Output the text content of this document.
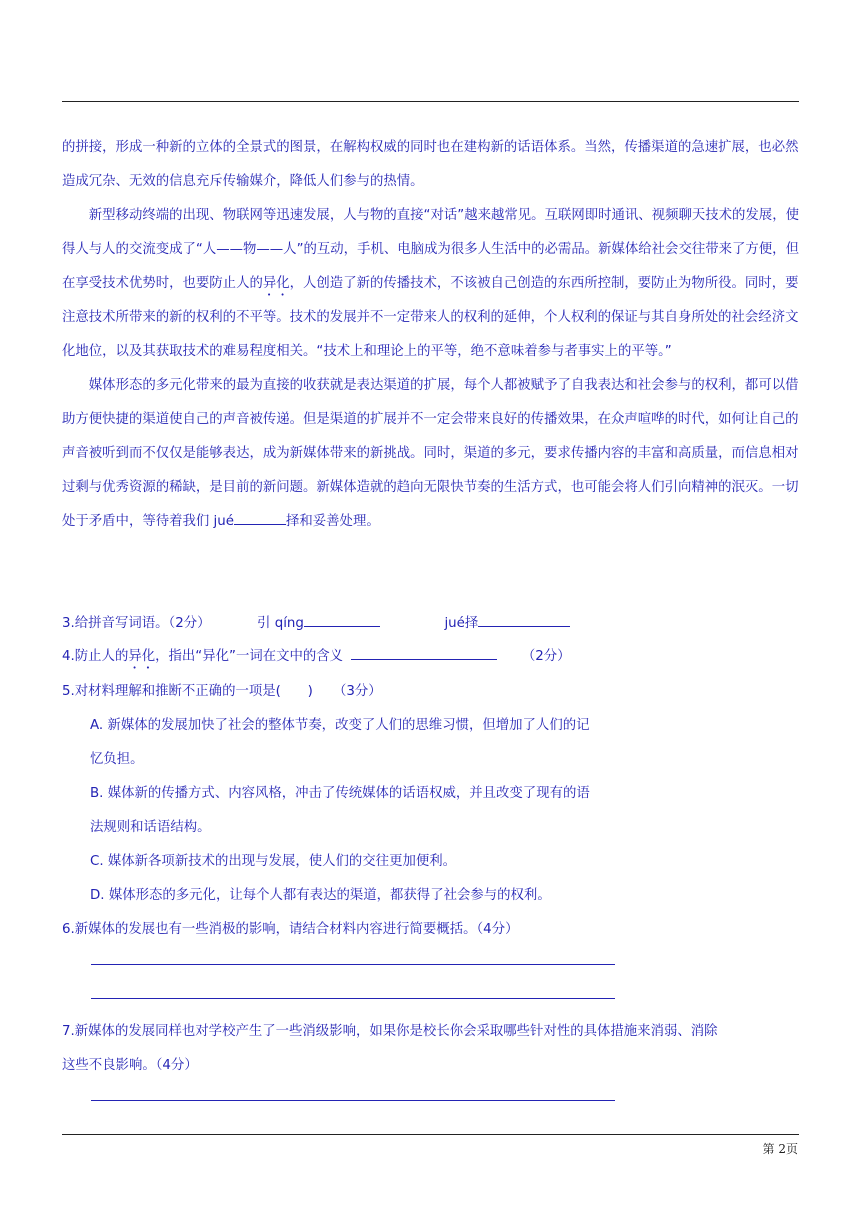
的拼接，形成一种新的立体的全景式的图景，在解构权威的同时也在建构新的话语体系。当然，传播渠道的急速扩展，也必然造成冗杂、无效的信息充斥传输媒介，降低人们参与的热情。

新型移动终端的出现、物联网等迅速发展，人与物的直接“对话”越来越常见。互联网即时通讯、视频聊天技术的发展，使得人与人的交流变成了“人——物——人”的互动，手机、电脑成为很多人生活中的必需品。新媒体给社会交往带来了方便，但在享受技术优势时，也要防止人的异化，人创造了新的传播技术，不该被自己创造的东西所控制，要防止为物所役。同时，要注意技术所带来的新的权利的不平等。技术的发展并不一定带来人的权利的延伸，个人权利的保证与其自身所处的社会经济文化地位，以及其获取技术的难易程度相关。“技术上和理论上的平等，绝不意味着参与者事实上的平等。”

媒体形态的多元化带来的最为直接的收获就是表达渠道的扩展，每个人都被赋予了自我表达和社会参与的权利，都可以借助方便快捷的渠道使自己的声音被传递。但是渠道的扩展并不一定会带来良好的传播效果，在众声喧哗的时代，如何让自己的声音被听到而不仅仅是能够表达，成为新媒体带来的新挑战。同时，渠道的多元，要求传播内容的丰富和高质量，而信息相对过剩与优秀资源的稀缺，是目前的新问题。新媒体造就的趋向无限快节奏的生活方式，也可能会将人们引向精神的泯灭。一切处于矛盾中，等待着我们 jué	择和妥善处理。

3.给拼音写词语。（2分）	引 qíng	jué择
4.防止人的异化，指出“异化”一词在文中的含义	（2分）
5.对材料理解和推断不正确的一项是(　　)　　（3分）
A. 新媒体的发展加快了社会的整体节奏，改变了人们的思维习惯，但增加了人们的记
忆负担。
B. 媒体新的传播方式、内容风格，冲击了传统媒体的话语权威，并且改变了现有的语
法规则和话语结构。
C. 媒体新各项新技术的出现与发展，使人们的交往更加便利。
D. 媒体形态的多元化，让每个人都有表达的渠道，都获得了社会参与的权利。
6.新媒体的发展也有一些消极的影响，请结合材料内容进行简要概括。（4分）
7.新媒体的发展同样也对学校产生了一些消级影响，如果你是校长你会采取哪些针对性的具体措施来消弱、消除
这些不良影响。（4分）
第 2页
